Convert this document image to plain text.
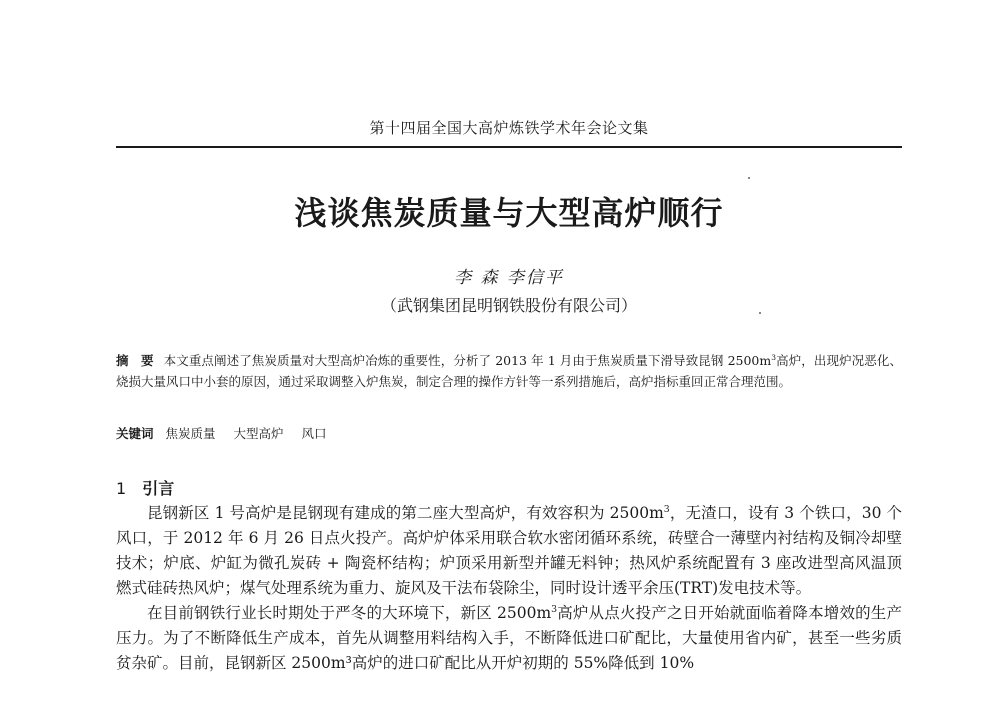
第十四届全国大高炉炼铁学术年会论文集
浅谈焦炭质量与大型高炉顺行
李 森 李信平
（武钢集团昆明钢铁股份有限公司）
摘 要 本文重点阐述了焦炭质量对大型高炉冶炼的重要性，分析了 2013 年 1 月由于焦炭质量下滑导致昆钢 $2500m^3$高炉，出现炉况恶化、烧损大量风口中小套的原因，通过采取调整入炉焦炭，制定合理的操作方针等一系列措施后，高炉指标重回正常合理范围。
关键词 焦炭质量 大型高炉 风口
1 引言

昆钢新区 1 号高炉是昆钢现有建成的第二座大型高炉，有效容积为 $2500m^3$，无渣口，设有 3 个铁口，30 个风口，于 2012 年 6 月 26 日点火投产。高炉炉体采用联合软水密闭循环系统，砖壁合一薄壁内衬结构及铜冷却壁技术；炉底、炉缸为微孔炭砖 + 陶瓷杯结构；炉顶采用新型并罐无料钟；热风炉系统配置有 3 座改进型高风温顶燃式硅砖热风炉；煤气处理系统为重力、旋风及干法布袋除尘，同时设计透平余压(TRT)发电技术等。

在目前钢铁行业长时期处于严冬的大环境下，新区 $2500m^3$高炉从点火投产之日开始就面临着降本增效的生产压力。为了不断降低生产成本，首先从调整用料结构入手，不断降低进口矿配比，大量使用省内矿，甚至一些劣质贫杂矿。目前，昆钢新区 2500m³高炉的进口矿配比从开炉初期的 55%降低到 10%
